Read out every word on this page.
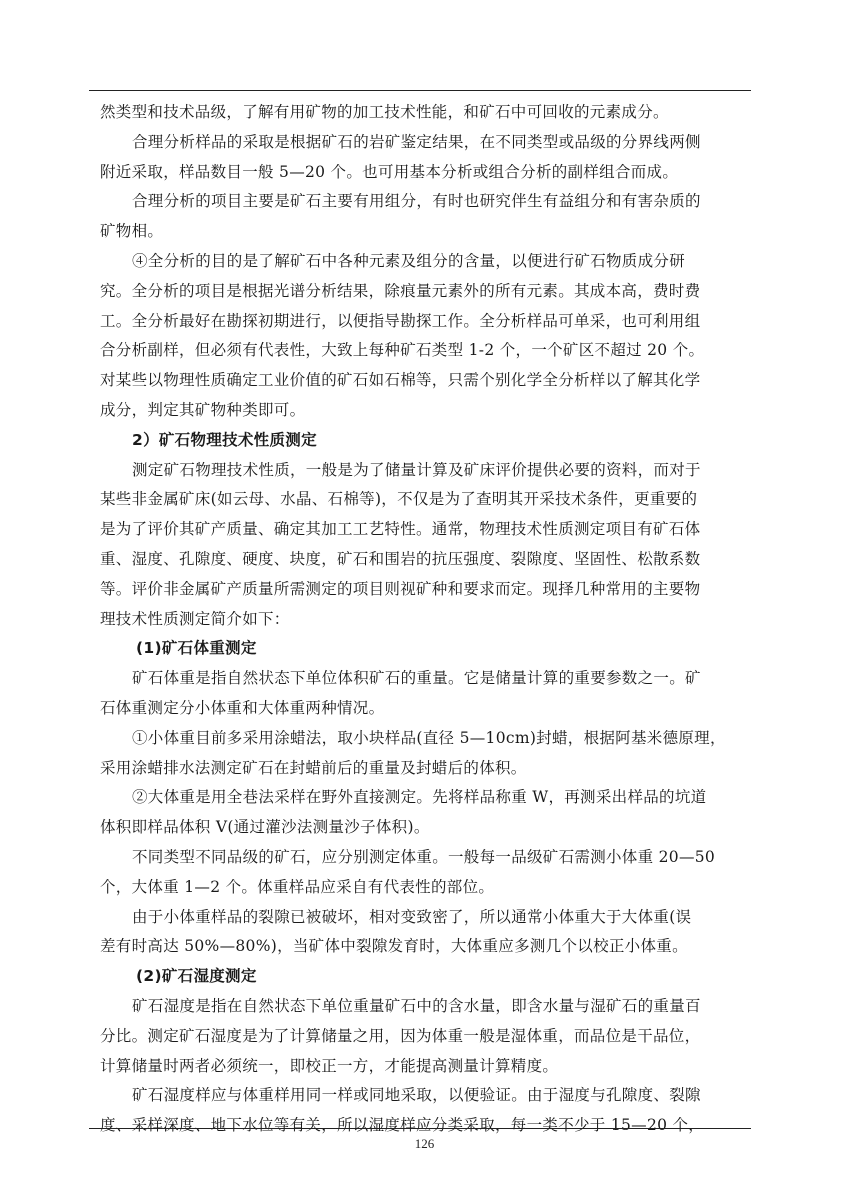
然类型和技术品级，了解有用矿物的加工技术性能，和矿石中可回收的元素成分。
合理分析样品的采取是根据矿石的岩矿鉴定结果，在不同类型或品级的分界线两侧
附近采取，样品数目一般 5—20 个。也可用基本分析或组合分析的副样组合而成。
合理分析的项目主要是矿石主要有用组分，有时也研究伴生有益组分和有害杂质的
矿物相。
④全分析的目的是了解矿石中各种元素及组分的含量，以便进行矿石物质成分研
究。全分析的项目是根据光谱分析结果，除痕量元素外的所有元素。其成本高，费时费
工。全分析最好在勘探初期进行，以便指导勘探工作。全分析样品可单采，也可利用组
合分析副样，但必须有代表性，大致上每种矿石类型 1-2 个，一个矿区不超过 20 个。
对某些以物理性质确定工业价值的矿石如石棉等，只需个别化学全分析样以了解其化学
成分，判定其矿物种类即可。
2）矿石物理技术性质测定
测定矿石物理技术性质，一般是为了储量计算及矿床评价提供必要的资料，而对于
某些非金属矿床(如云母、水晶、石棉等)，不仅是为了查明其开采技术条件，更重要的
是为了评价其矿产质量、确定其加工工艺特性。通常，物理技术性质测定项目有矿石体
重、湿度、孔隙度、硬度、块度，矿石和围岩的抗压强度、裂隙度、坚固性、松散系数
等。评价非金属矿产质量所需测定的项目则视矿种和要求而定。现择几种常用的主要物
理技术性质测定简介如下：
(1)矿石体重测定
矿石体重是指自然状态下单位体积矿石的重量。它是储量计算的重要参数之一。矿
石体重测定分小体重和大体重两种情况。
①小体重目前多采用涂蜡法，取小块样品(直径 5—10cm)封蜡，根据阿基米德原理，
采用涂蜡排水法测定矿石在封蜡前后的重量及封蜡后的体积。
②大体重是用全巷法采样在野外直接测定。先将样品称重 W，再测采出样品的坑道
体积即样品体积 V(通过灌沙法测量沙子体积)。
不同类型不同品级的矿石，应分别测定体重。一般每一品级矿石需测小体重 20—50
个，大体重 1—2 个。体重样品应采自有代表性的部位。
由于小体重样品的裂隙已被破坏，相对变致密了，所以通常小体重大于大体重(误
差有时高达 50%—80%)，当矿体中裂隙发育时，大体重应多测几个以校正小体重。
(2)矿石湿度测定
矿石湿度是指在自然状态下单位重量矿石中的含水量，即含水量与湿矿石的重量百
分比。测定矿石湿度是为了计算储量之用，因为体重一般是湿体重，而品位是干品位，
计算储量时两者必须统一，即校正一方，才能提高测量计算精度。
矿石湿度样应与体重样用同一样或同地采取，以便验证。由于湿度与孔隙度、裂隙
度、采样深度、地下水位等有关，所以湿度样应分类采取，每一类不少于 15—20 个，
126
